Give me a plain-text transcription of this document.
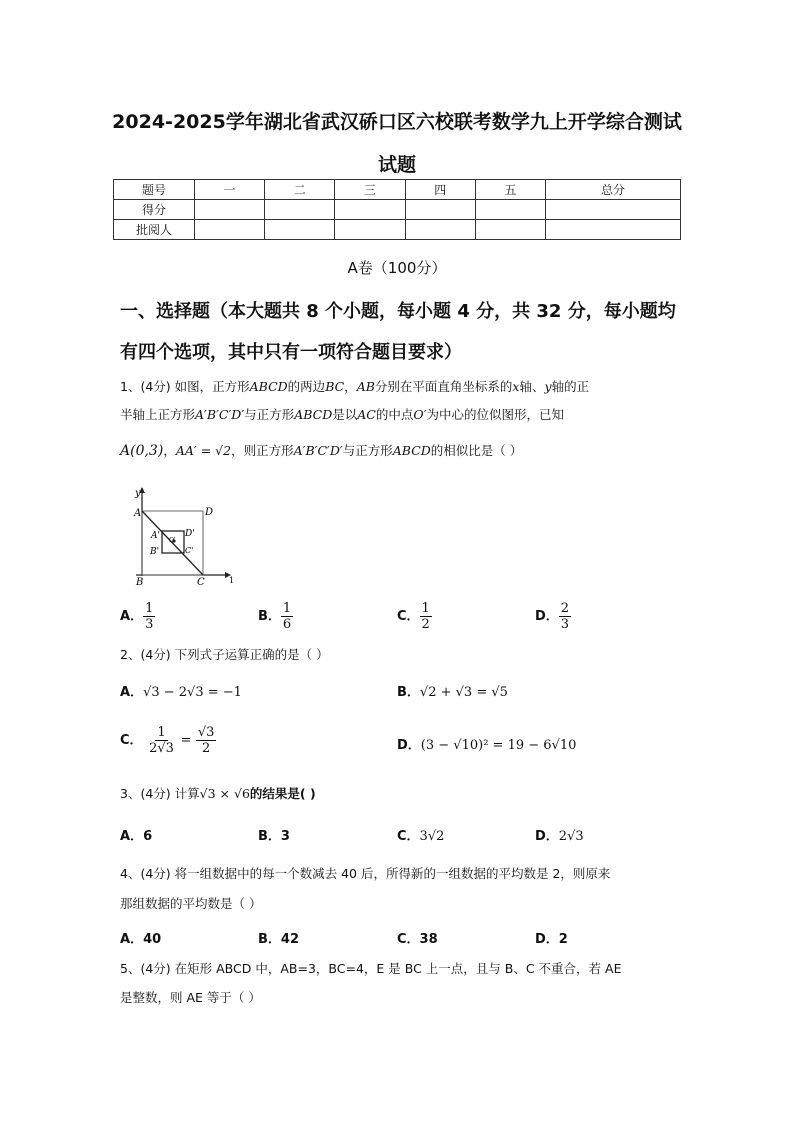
2024-2025学年湖北省武汉硚口区六校联考数学九上开学综合测试
试题
题号	一	二	三	四	五	总分
得分						
批阅人						
A卷（100分）
一、选择题（本大题共 8 个小题，每小题 4 分，共 32 分，每小题均
有四个选项，其中只有一项符合题目要求）
1、(4分) 如图，正方形ABCD的两边BC，AB分别在平面直角坐标系的x轴、y轴的正
半轴上正方形A′B′C′D′与正方形ABCD是以AC的中点O′为中心的位似图形，已知
A(0,3)，AA′ = √2，则正方形A′B′C′D′与正方形ABCD的相似比是（ ）
y
1
A	D
B	C
A'
B'
D'
C'
O'
A． $\frac{1}{3}$	B． $\frac{1}{6}$	C． $\frac{1}{2}$	D． $\frac{2}{3}$
2、(4分) 下列式子运算正确的是（ ）
A．√3 − 2√3 = −1	B．√2 + √3 = √5
C． $\frac{1}{2√3} = \frac{√3}{2}$	D．(3 − √10)² = 19 − 6√10
3、(4分) 计算√3 × √6的结果是( )
A．6	B．3	C．3√2	D．2√3
4、(4分) 将一组数据中的每一个数减去 40 后，所得新的一组数据的平均数是 2，则原来
那组数据的平均数是（ ）
A．40	B．42	C．38	D．2
5、(4分) 在矩形 ABCD 中，AB=3，BC=4，E 是 BC 上一点，且与 B、C 不重合，若 AE
是整数，则 AE 等于（ ）
